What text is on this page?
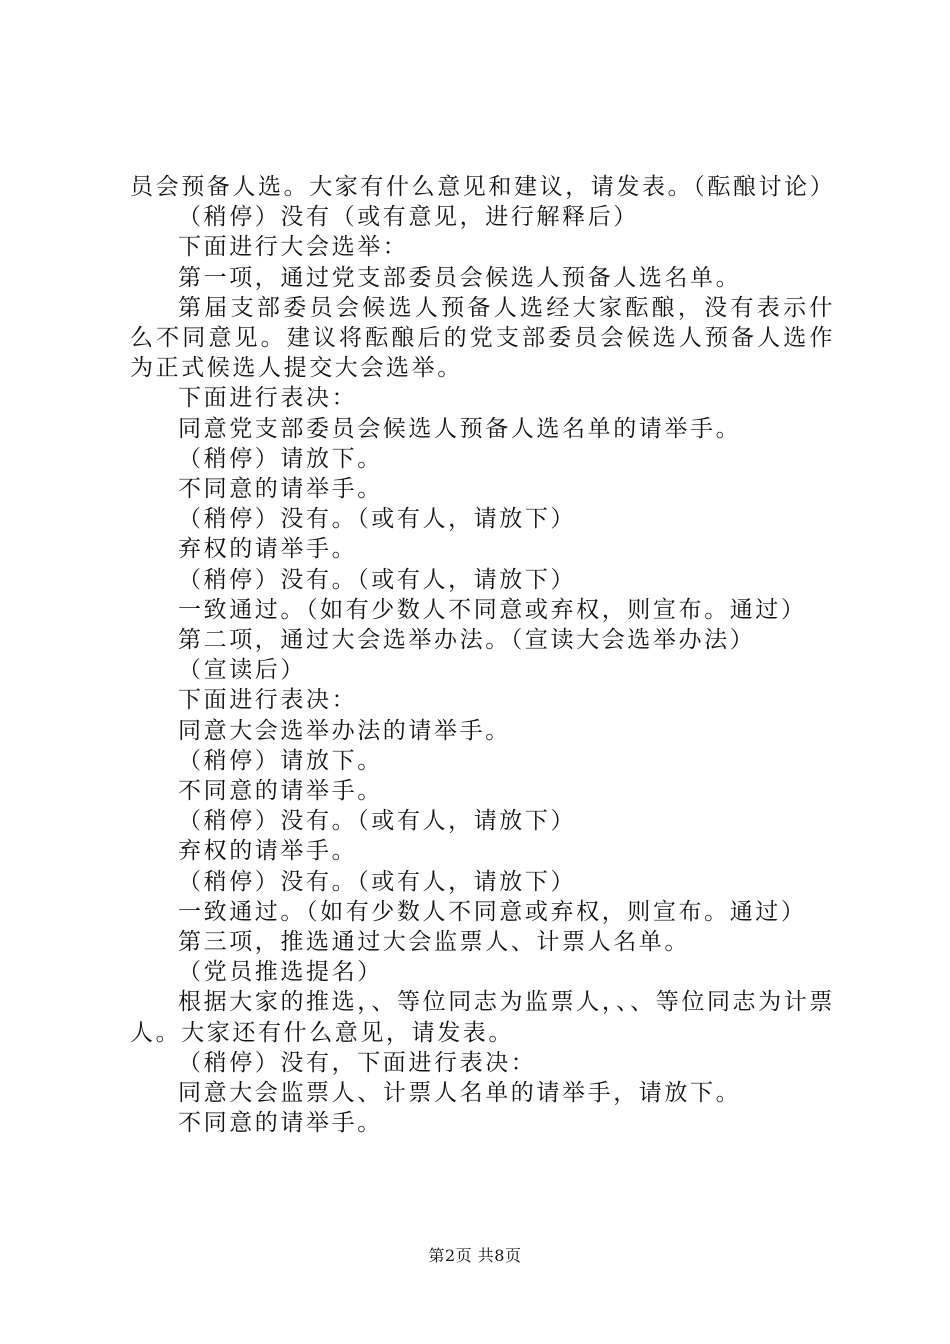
员会预备人选。大家有什么意见和建议，请发表。（酝酿讨论）

（稍停）没有（或有意见，进行解释后）

下面进行大会选举：

第一项，通过党支部委员会候选人预备人选名单。

第届支部委员会候选人预备人选经大家酝酿，没有表示什么不同意见。建议将酝酿后的党支部委员会候选人预备人选作为正式候选人提交大会选举。

下面进行表决：

同意党支部委员会候选人预备人选名单的请举手。

（稍停）请放下。

不同意的请举手。

（稍停）没有。（或有人，请放下）

弃权的请举手。

（稍停）没有。（或有人，请放下）

一致通过。（如有少数人不同意或弃权，则宣布。通过）

第二项，通过大会选举办法。（宣读大会选举办法）

（宣读后）

下面进行表决：

同意大会选举办法的请举手。

（稍停）请放下。

不同意的请举手。

（稍停）没有。（或有人，请放下）

弃权的请举手。

（稍停）没有。（或有人，请放下）

一致通过。（如有少数人不同意或弃权，则宣布。通过）

第三项，推选通过大会监票人、计票人名单。

（党员推选提名）

根据大家的推选，、等位同志为监票人，、、等位同志为计票人。大家还有什么意见，请发表。

（稍停）没有，下面进行表决：

同意大会监票人、计票人名单的请举手，请放下。

不同意的请举手。

第2页 共8页
